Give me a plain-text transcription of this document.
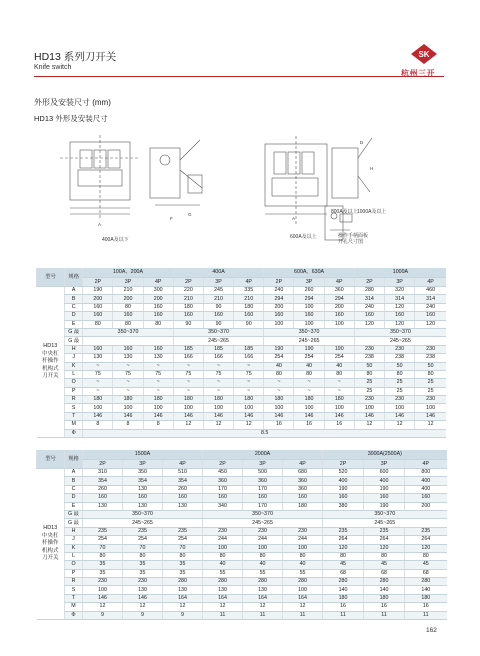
HD13 系列刀开关
Knife switch
SK
杭州三开
外形及安装尺寸 (mm)
HD13 外形及安装尺寸
A
F
G
A
H
D
400A及以下	600A及以上
800A及以上 1000A及以上
操作手柄面板
开孔尺寸图
型号	规格	100A、200A			400A			600A、630A			1000A		
		2P	3P	4P	2P	3P	4P	2P	3P	4P	2P	3P	4P

HD13
中央杠
杆操作
机构式
刀开关	A	190	210	300	220	245	335	240	260	360	280	320	460
	B	200	200	200	210	210	210	294	294	294	314	314	314
	C	160	80	160	180	90	180	200	100	200	240	120	240
	D	160	160	160	160	160	160	160	160	160	160	160	160
	E	80	80	80	90	90	90	100	100	100	120	120	120
	G 最	350~370			350~370			350~370			350~370		
	G 最				245~265			245~265			245~265		
	H	160	160	160	185	185	185	190	190	190	230	230	230
	J	130	130	130	166	166	166	254	254	254	238	238	238
	K	~	~	~	~	~	~	40	40	40	50	50	50
	L	75	75	75	75	75	75	80	80	80	80	80	80
	O	~	~	~	~	~	~	~	~	~	25	25	25
	P	~	~	~	~	~	~	~	~	~	25	25	25
	R	180	180	180	180	180	180	180	180	180	230	230	230
	S	100	100	100	100	100	100	100	100	100	100	100	100
	T	146	146	146	146	146	146	146	146	146	146	146	146
	M	8	8	8	12	12	12	16	16	16	12	12	12
	Φ	8.5											
型号	规格	1500A			2000A			3000A(2500A)		
		2P	3P	4P	2P	3P	4P	2P	3P	4P

HD13
中央杠
杆操作
机构式
刀开关	A	310	350	510	450	500	680	520	600	800
	B	354	354	354	360	360	360	400	400	400
	C	260	130	260	170	170	360	190	190	400
	D	160	160	160	160	160	160	160	160	160
	E	130	130	130	340	170	180	380	190	200
	G 最	350~370			350~370			350~370		
	G 最	245~265			245~265			245~265		
	H	235	235	235	230	230	230	235	235	235
	J	254	254	254	244	244	244	264	264	264
	K	70	70	70	100	100	100	120	120	120
	L	80	80	80	80	80	80	80	80	80
	O	35	35	35	40	40	40	45	45	45
	P	35	35	35	55	55	55	68	68	68
	R	230	230	280	280	280	280	280	280	280
	S	100	130	130	130	130	100	140	140	140
	T	146	146	164	164	164	164	180	180	180
	M	12	12	12	12	12	12	16	16	16
	Φ	9	9	9	11	11	11	11	11	11
162
